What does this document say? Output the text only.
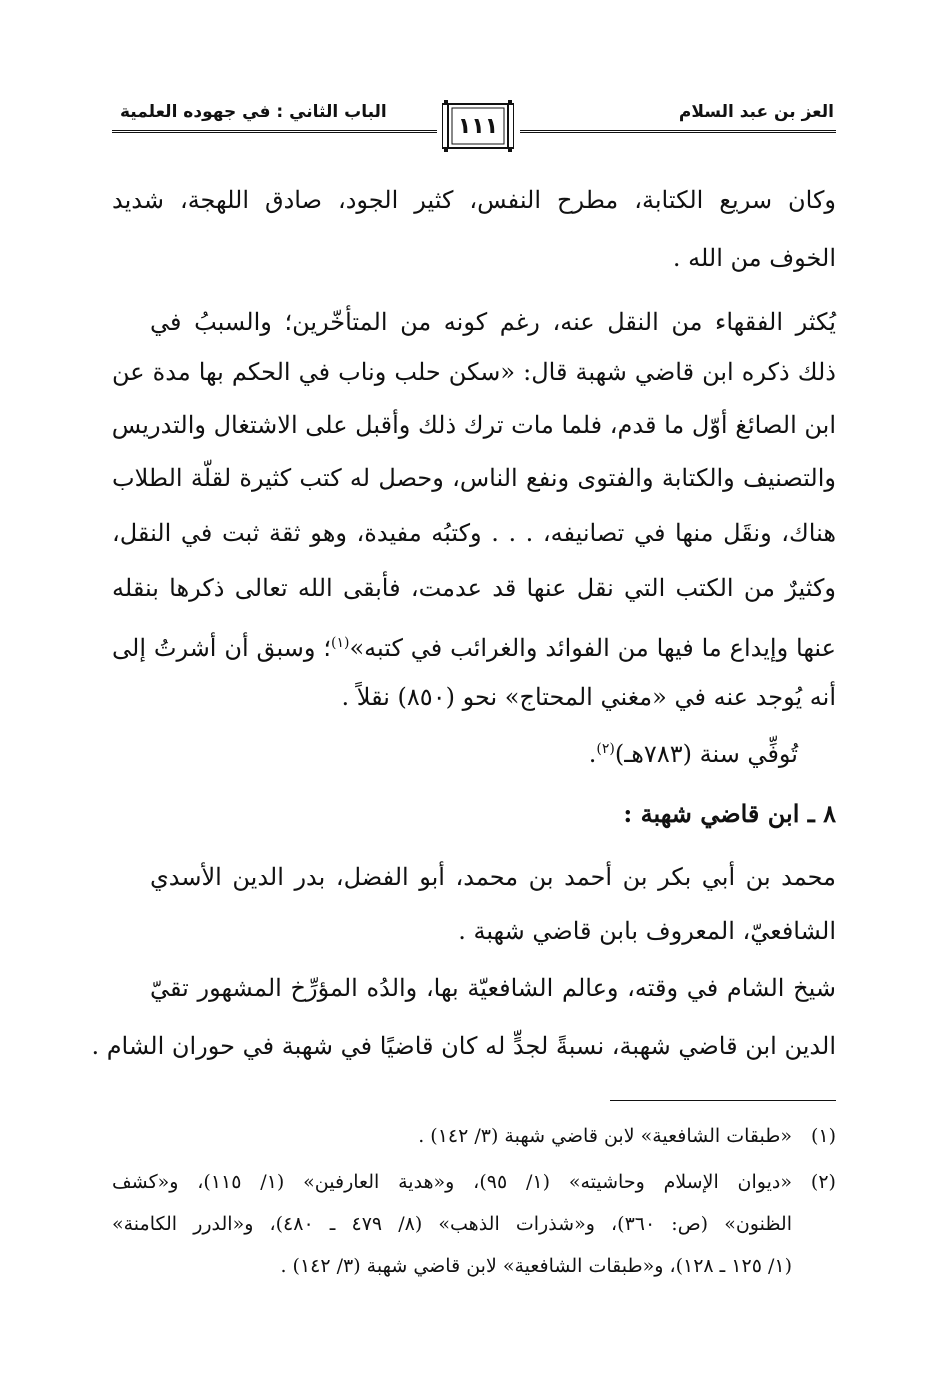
الباب الثاني : في جهوده العلمية
١١١
العز بن عبد السلام
وكان سريع الكتابة، مطرح النفس، كثير الجود، صادق اللهجة، شديد
الخوف من الله .
يُكثر الفقهاء من النقل عنه، رغم كونه من المتأخّرين؛ والسببُ في
ذلك ذكره ابن قاضي شهبة قال: «سكن حلب وناب في الحكم بها مدة عن
ابن الصائغ أوّل ما قدم، فلما مات ترك ذلك وأقبل على الاشتغال والتدريس
والتصنيف والكتابة والفتوى ونفع الناس، وحصل له كتب كثيرة لقلّة الطلاب
هناك، ونقَل منها في تصانيفه، . . . وكتبُه مفيدة، وهو ثقة ثبت في النقل،
وكثيرٌ من الكتب التي نقل عنها قد عدمت، فأبقى الله تعالى ذكرها بنقله
عنها وإيداع ما فيها من الفوائد والغرائب في كتبه»$^{(١)}$؛ وسبق أن أشرتُ إلى
أنه يُوجد عنه في «مغني المحتاج» نحو (٨٥٠) نقلاً .
تُوفِّي سنة (٧٨٣هـ)$^{(٢)}$.
٨ ـ ابن قاضي شهبة :
محمد بن أبي بكر بن أحمد بن محمد، أبو الفضل، بدر الدين الأسدي
الشافعيّ، المعروف بابن قاضي شهبة .
شيخ الشام في وقته، وعالم الشافعيّة بها، والدُه المؤرِّخ المشهور تقيّ
الدين ابن قاضي شهبة، نسبةً لجدٍّ له كان قاضيًا في شهبة في حوران الشام .
(١)«طبقات الشافعية» لابن قاضي شهبة (٣/ ١٤٢) .
(٢)«ديوان الإسلام وحاشيته» (١/ ٩٥)، و«هدية العارفين» (١/ ١١٥)، و«كشف
الظنون» (ص: ٣٦٠)، و«شذرات الذهب» (٨/ ٤٧٩ ـ ٤٨٠)، و«الدرر الكامنة»
(١/ ١٢٥ ـ ١٢٨)، و«طبقات الشافعية» لابن قاضي شهبة (٣/ ١٤٢) .
